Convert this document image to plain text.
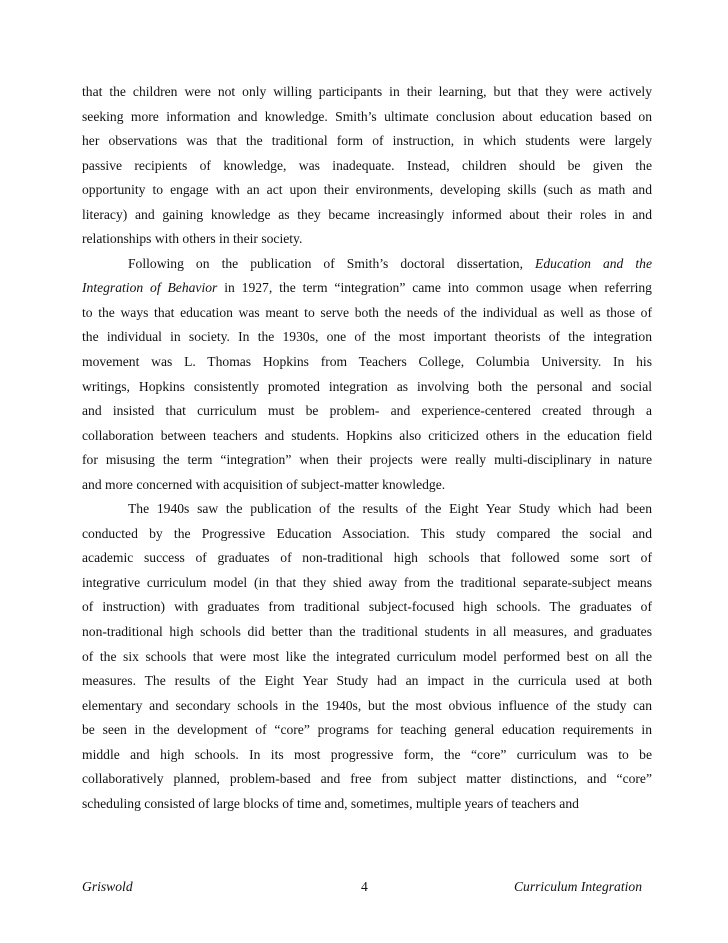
that the children were not only willing participants in their learning, but that they were actively
seeking more information and knowledge. Smith’s ultimate conclusion about education based on
her observations was that the traditional form of instruction, in which students were largely
passive recipients of knowledge, was inadequate. Instead, children should be given the
opportunity to engage with an act upon their environments, developing skills (such as math and
literacy) and gaining knowledge as they became increasingly informed about their roles in and
relationships with others in their society.
Following on the publication of Smith’s doctoral dissertation, Education and the
Integration of Behavior in 1927, the term “integration” came into common usage when referring
to the ways that education was meant to serve both the needs of the individual as well as those of
the individual in society. In the 1930s, one of the most important theorists of the integration
movement was L. Thomas Hopkins from Teachers College, Columbia University. In his
writings, Hopkins consistently promoted integration as involving both the personal and social
and insisted that curriculum must be problem- and experience-centered created through a
collaboration between teachers and students. Hopkins also criticized others in the education field
for misusing the term “integration” when their projects were really multi-disciplinary in nature
and more concerned with acquisition of subject-matter knowledge.
The 1940s saw the publication of the results of the Eight Year Study which had been
conducted by the Progressive Education Association. This study compared the social and
academic success of graduates of non-traditional high schools that followed some sort of
integrative curriculum model (in that they shied away from the traditional separate-subject means
of instruction) with graduates from traditional subject-focused high schools. The graduates of
non-traditional high schools did better than the traditional students in all measures, and graduates
of the six schools that were most like the integrated curriculum model performed best on all the
measures. The results of the Eight Year Study had an impact in the curricula used at both
elementary and secondary schools in the 1940s, but the most obvious influence of the study can
be seen in the development of “core” programs for teaching general education requirements in
middle and high schools. In its most progressive form, the “core” curriculum was to be
collaboratively planned, problem-based and free from subject matter distinctions, and “core”
scheduling consisted of large blocks of time and, sometimes, multiple years of teachers and
Griswold	4	Curriculum Integration
